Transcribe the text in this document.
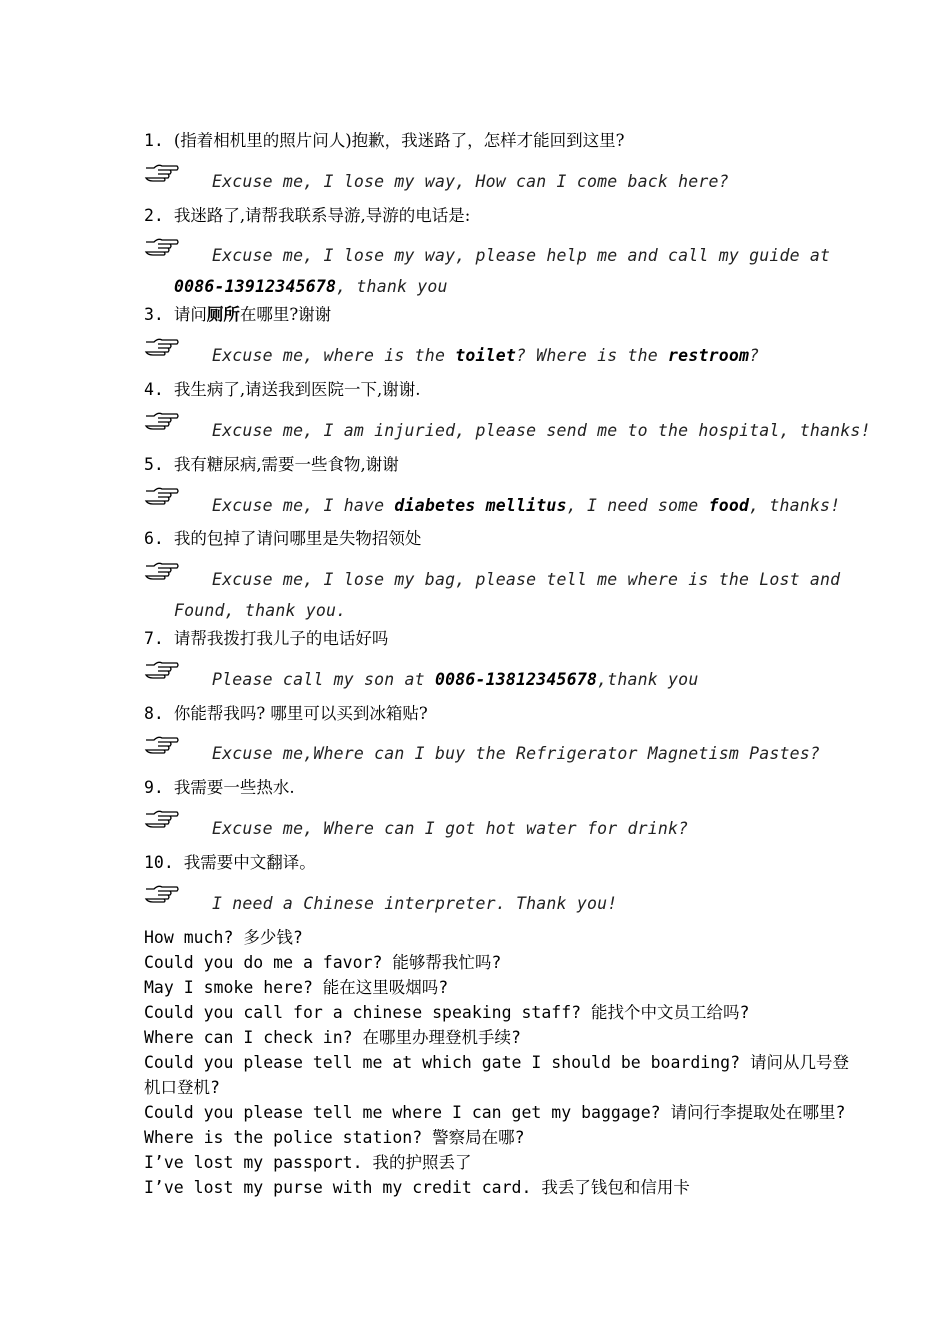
1. (指着相机里的照片问人)抱歉，我迷路了，怎样才能回到这里?
Excuse me, I lose my way, How can I come back here?
2. 我迷路了,请帮我联系导游,导游的电话是:
Excuse me, I lose my way, please help me and call my guide at
0086-13912345678, thank you
3. 请问厕所在哪里?谢谢
Excuse me, where is the toilet? Where is the restroom?
4. 我生病了,请送我到医院一下,谢谢.
Excuse me, I am injuried, please send me to the hospital, thanks!
5. 我有糖尿病,需要一些食物,谢谢
Excuse me, I have diabetes mellitus, I need some food, thanks!
6. 我的包掉了请问哪里是失物招领处
Excuse me, I lose my bag, please tell me where is the Lost and
Found, thank you.
7. 请帮我拨打我儿子的电话好吗
Please call my son at 0086-13812345678,thank you
8. 你能帮我吗? 哪里可以买到冰箱贴?
Excuse me,Where can I buy the Refrigerator Magnetism Pastes?
9. 我需要一些热水.
Excuse me, Where can I got hot water for drink?
10. 我需要中文翻译。
I need a Chinese interpreter. Thank you!
How much? 多少钱?
Could you do me a favor? 能够帮我忙吗?
May I smoke here? 能在这里吸烟吗?
Could you call for a chinese speaking staff? 能找个中文员工给吗?
Where can I check in? 在哪里办理登机手续?
Could you please tell me at which gate I should be boarding? 请问从几号登
机口登机?
Could you please tell me where I can get my baggage? 请问行李提取处在哪里?
Where is the police station? 警察局在哪?
I’ve lost my passport. 我的护照丢了
I’ve lost my purse with my credit card. 我丢了钱包和信用卡
